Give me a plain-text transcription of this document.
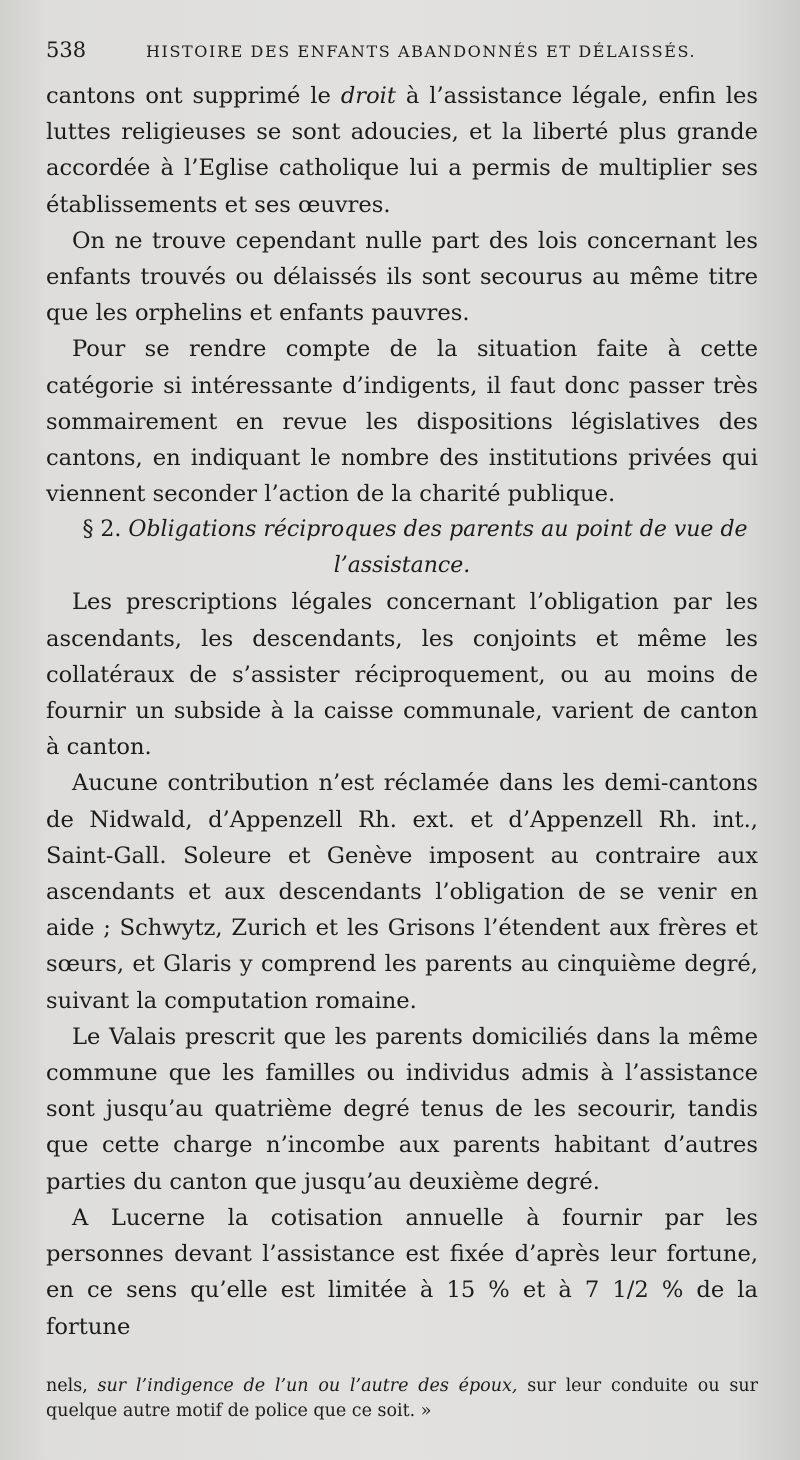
538	HISTOIRE DES ENFANTS ABANDONNÉS ET DÉLAISSÉS.

cantons ont supprimé le droit à l’assistance légale, enfin les luttes religieuses se sont adoucies, et la liberté plus grande accordée à l’Eglise catholique lui a permis de multiplier ses établissements et ses œuvres.

On ne trouve cependant nulle part des lois concernant les enfants trouvés ou délaissés ils sont secourus au même titre que les orphelins et enfants pauvres.

Pour se rendre compte de la situation faite à cette catégorie si intéressante d’indigents, il faut donc passer très sommairement en revue les dispositions législatives des cantons, en indiquant le nombre des institutions privées qui viennent seconder l’action de la charité publique.

§ 2. Obligations réciproques des parents au point de vue de l’assistance.

Les prescriptions légales concernant l’obligation par les ascendants, les descendants, les conjoints et même les collatéraux de s’assister réciproquement, ou au moins de fournir un subside à la caisse communale, varient de canton à canton.

Aucune contribution n’est réclamée dans les demi-cantons de Nidwald, d’Appenzell Rh. ext. et d’Appenzell Rh. int., Saint-Gall. Soleure et Genève imposent au contraire aux ascendants et aux descendants l’obligation de se venir en aide ; Schwytz, Zurich et les Grisons l’étendent aux frères et sœurs, et Glaris y comprend les parents au cinquième degré, suivant la computation romaine.

Le Valais prescrit que les parents domiciliés dans la même commune que les familles ou individus admis à l’assistance sont jusqu’au quatrième degré tenus de les secourir, tandis que cette charge n’incombe aux parents habitant d’autres parties du canton que jusqu’au deuxième degré.

A Lucerne la cotisation annuelle à fournir par les personnes devant l’assistance est fixée d’après leur fortune, en ce sens qu’elle est limitée à 15 % et à 7 1/2 % de la fortune

nels, sur l’indigence de l’un ou l’autre des époux, sur leur conduite ou sur quelque autre motif de police que ce soit. »
